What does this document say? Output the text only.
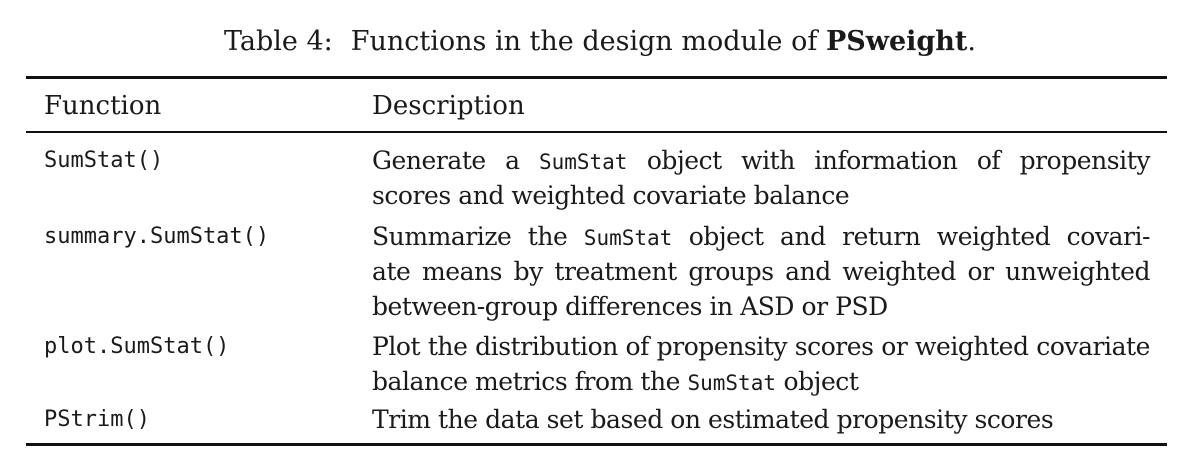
Table 4: Functions in the design module of PSweight.
Function	Description
SumStat()	Generate a SumStat object with information of propensity
scores and weighted covariate balance
summary.SumStat()	Summarize the SumStat object and return weighted covari-
ate means by treatment groups and weighted or unweighted
between-group differences in ASD or PSD
plot.SumStat()	Plot the distribution of propensity scores or weighted covariate
balance metrics from the SumStat object
PStrim()	Trim the data set based on estimated propensity scores
